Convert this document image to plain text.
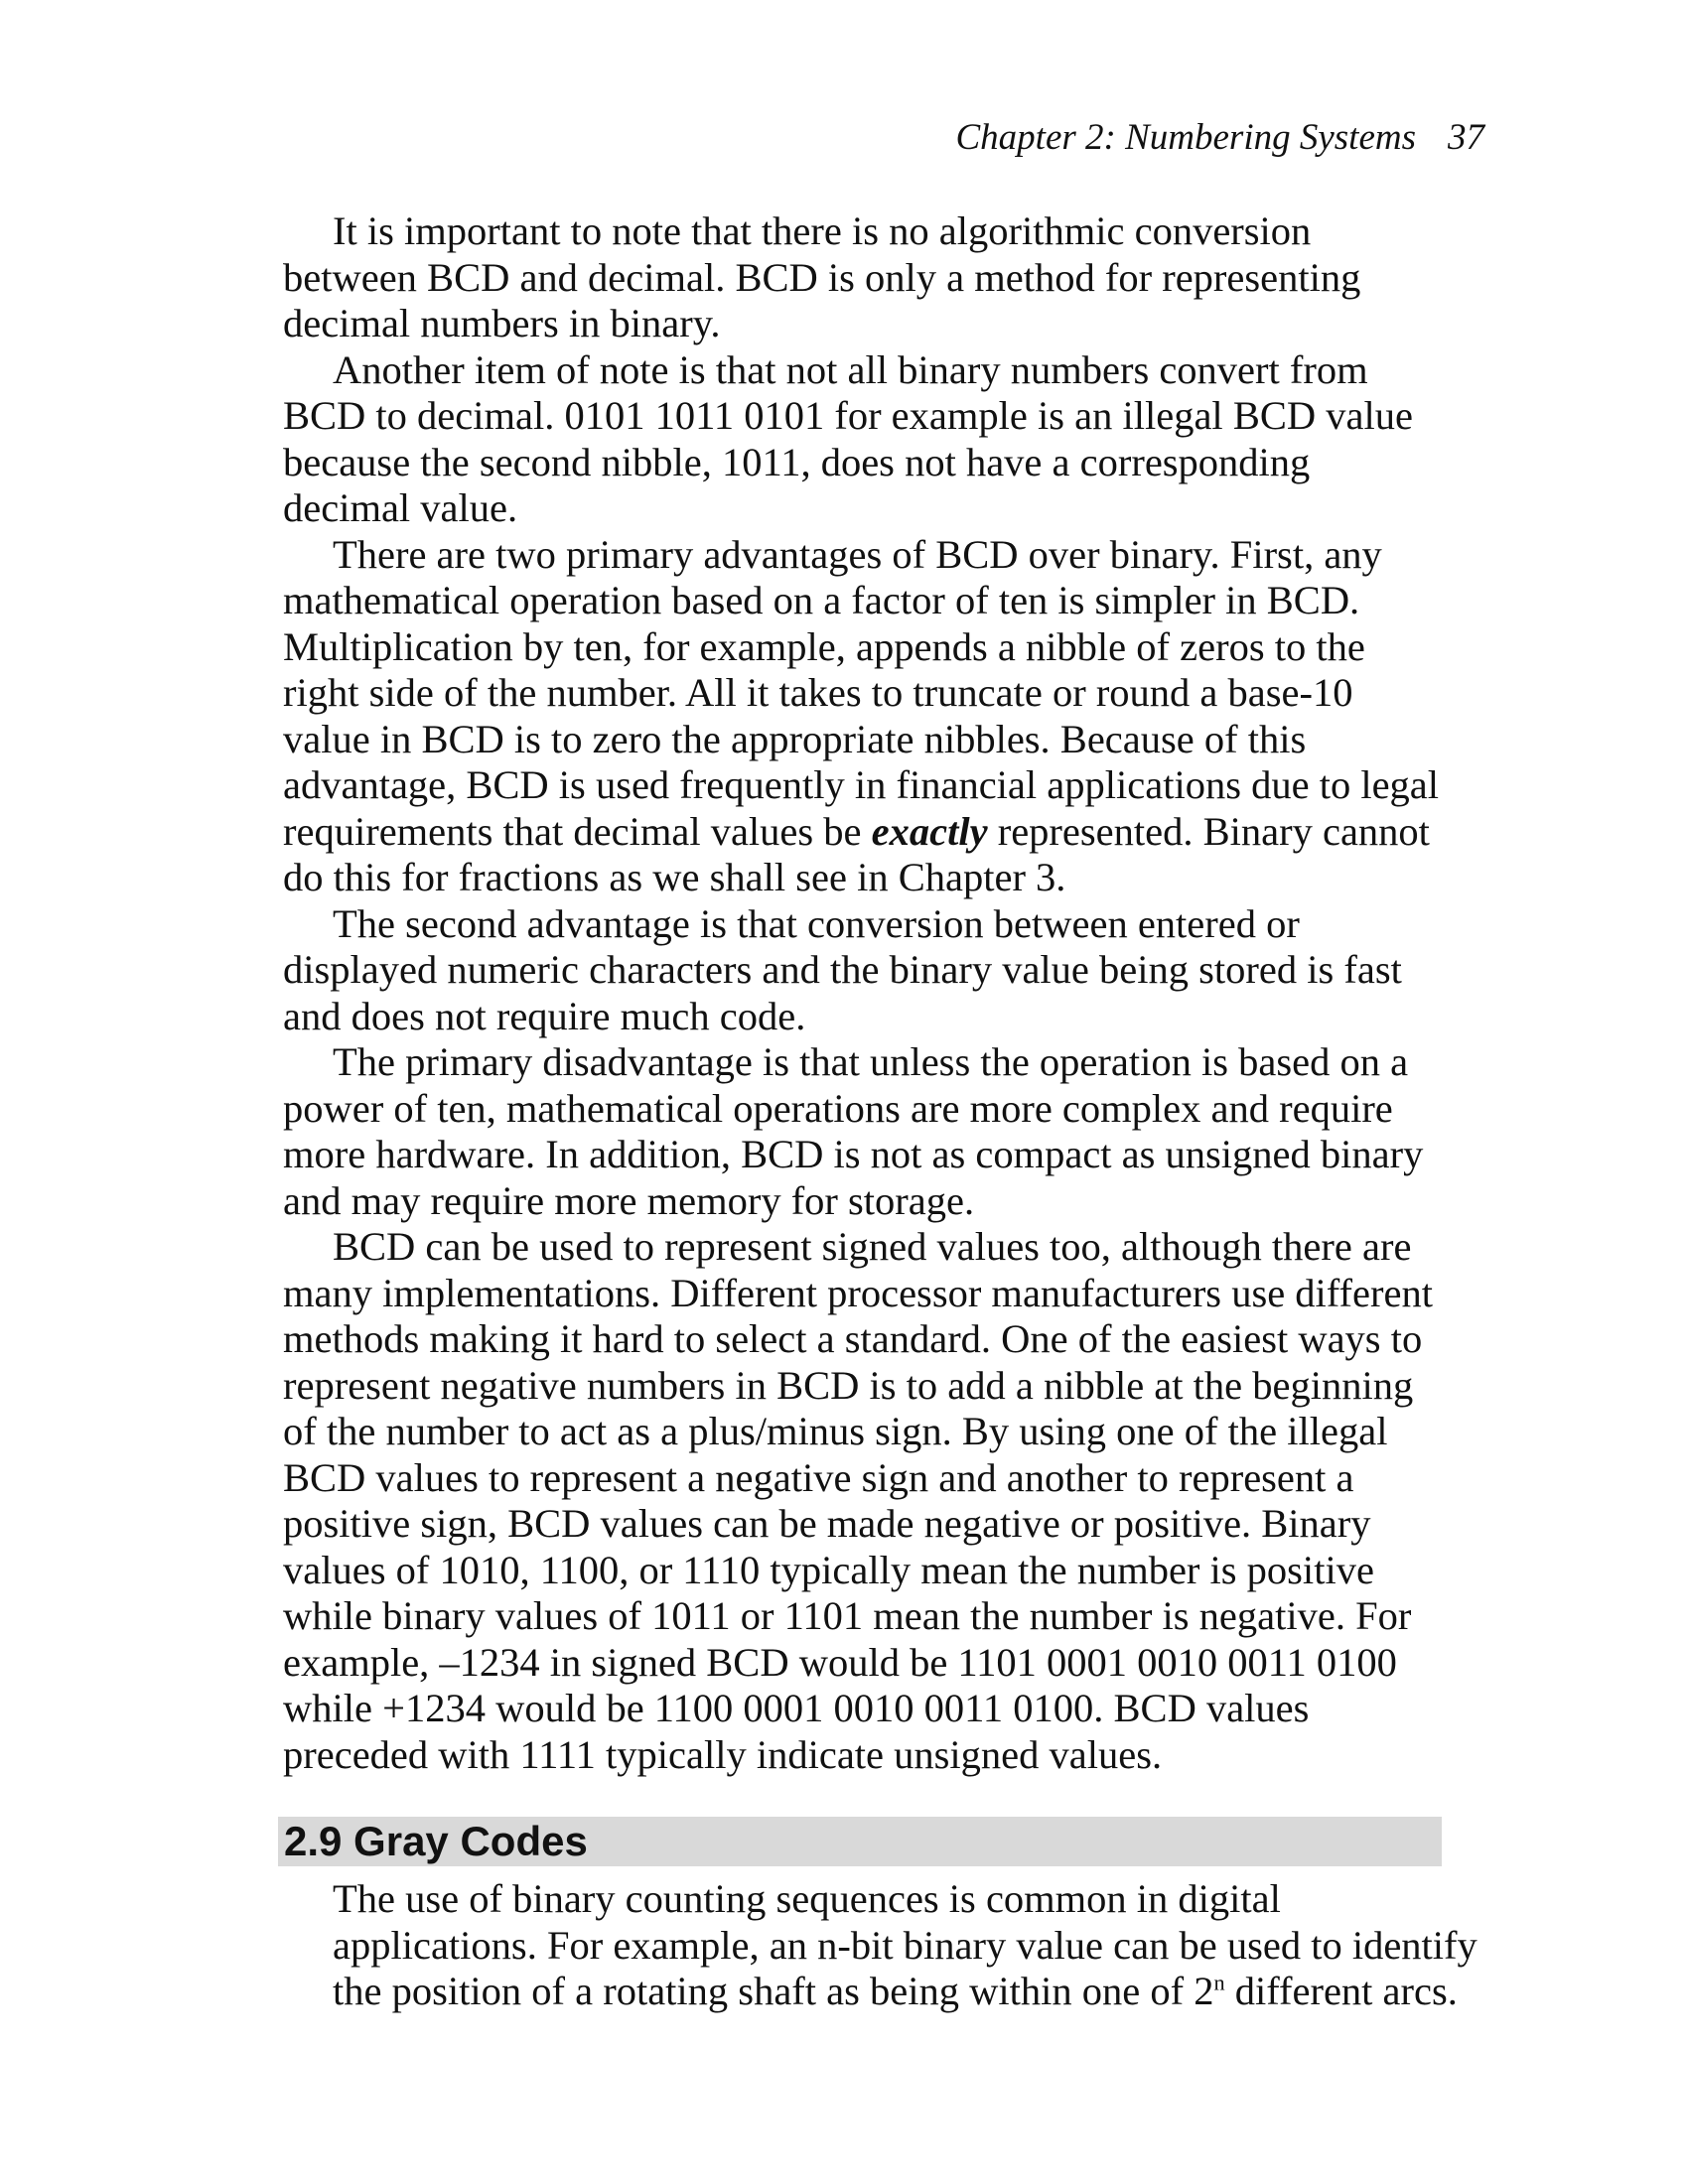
Chapter 2: Numbering Systems 37

It is important to note that there is no algorithmic conversion
between BCD and decimal. BCD is only a method for representing
decimal numbers in binary.

Another item of note is that not all binary numbers convert from
BCD to decimal. 0101 1011 0101 for example is an illegal BCD value
because the second nibble, 1011, does not have a corresponding
decimal value.

There are two primary advantages of BCD over binary. First, any
mathematical operation based on a factor of ten is simpler in BCD.
Multiplication by ten, for example, appends a nibble of zeros to the
right side of the number. All it takes to truncate or round a base-10
value in BCD is to zero the appropriate nibbles. Because of this
advantage, BCD is used frequently in financial applications due to legal
requirements that decimal values be exactly represented. Binary cannot
do this for fractions as we shall see in Chapter 3.

The second advantage is that conversion between entered or
displayed numeric characters and the binary value being stored is fast
and does not require much code.

The primary disadvantage is that unless the operation is based on a
power of ten, mathematical operations are more complex and require
more hardware. In addition, BCD is not as compact as unsigned binary
and may require more memory for storage.

BCD can be used to represent signed values too, although there are
many implementations. Different processor manufacturers use different
methods making it hard to select a standard. One of the easiest ways to
represent negative numbers in BCD is to add a nibble at the beginning
of the number to act as a plus/minus sign. By using one of the illegal
BCD values to represent a negative sign and another to represent a
positive sign, BCD values can be made negative or positive. Binary
values of 1010, 1100, or 1110 typically mean the number is positive
while binary values of 1011 or 1101 mean the number is negative. For
example, –1234 in signed BCD would be 1101 0001 0010 0011 0100
while +1234 would be 1100 0001 0010 0011 0100. BCD values
preceded with 1111 typically indicate unsigned values.

2.9 Gray Codes

The use of binary counting sequences is common in digital
applications. For example, an n-bit binary value can be used to identify
the position of a rotating shaft as being within one of 2$^n$ different arcs.
